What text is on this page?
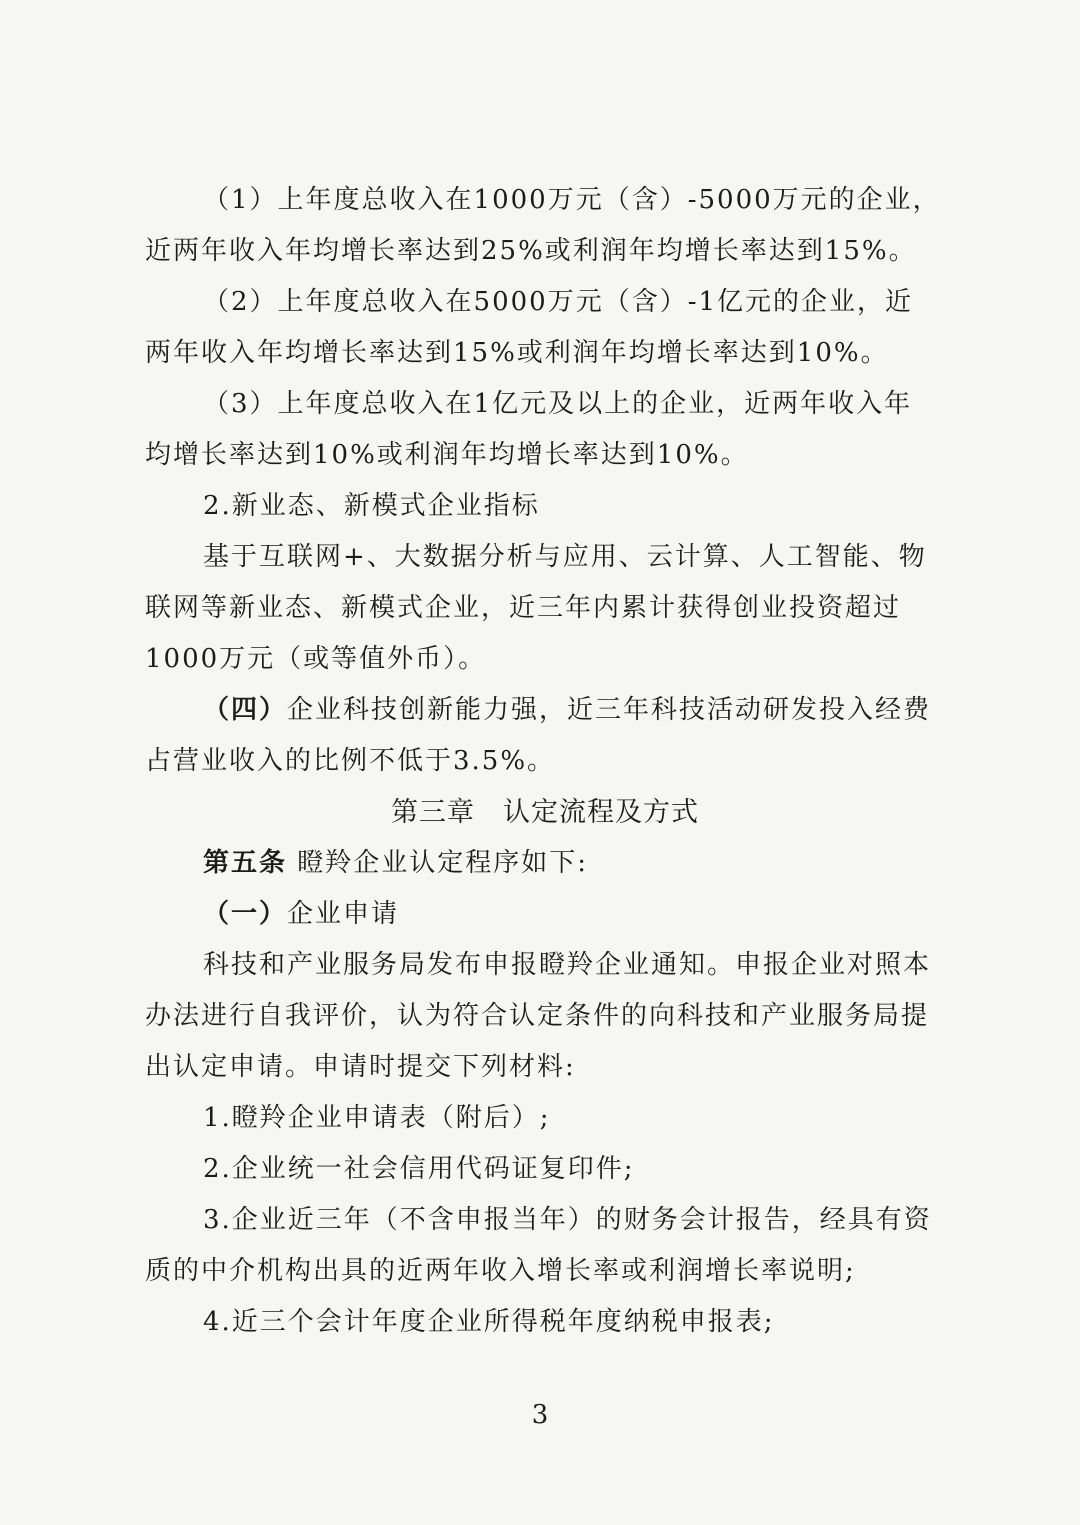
（1）上年度总收入在1000万元（含）-5000万元的企业，
近两年收入年均增长率达到25%或利润年均增长率达到15%。
（2）上年度总收入在5000万元（含）-1亿元的企业，近
两年收入年均增长率达到15%或利润年均增长率达到10%。
（3）上年度总收入在1亿元及以上的企业，近两年收入年
均增长率达到10%或利润年均增长率达到10%。
2.新业态、新模式企业指标
基于互联网+、大数据分析与应用、云计算、人工智能、物
联网等新业态、新模式企业，近三年内累计获得创业投资超过
1000万元（或等值外币）。
（四）企业科技创新能力强，近三年科技活动研发投入经费
占营业收入的比例不低于3.5%。
第三章 认定流程及方式
第五条 瞪羚企业认定程序如下:
（一）企业申请
科技和产业服务局发布申报瞪羚企业通知。申报企业对照本
办法进行自我评价，认为符合认定条件的向科技和产业服务局提
出认定申请。申请时提交下列材料:
1.瞪羚企业申请表（附后）;
2.企业统一社会信用代码证复印件;
3.企业近三年（不含申报当年）的财务会计报告，经具有资
质的中介机构出具的近两年收入增长率或利润增长率说明;
4.近三个会计年度企业所得税年度纳税申报表;
3
